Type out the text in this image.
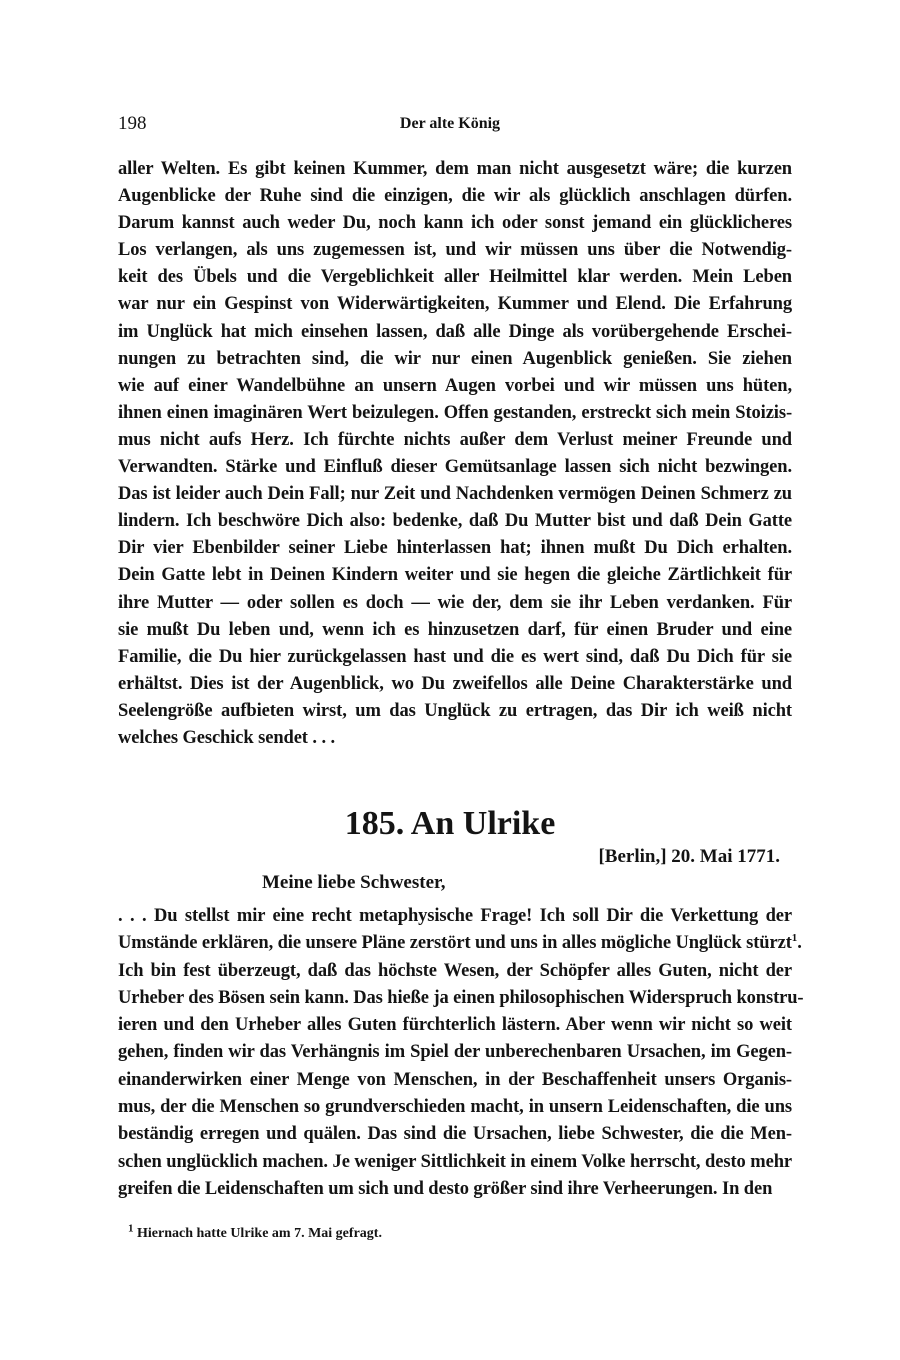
198	Der alte König
aller Welten. Es gibt keinen Kummer, dem man nicht ausgesetzt wäre; die kurzen
Augenblicke der Ruhe sind die einzigen, die wir als glücklich anschlagen dürfen.
Darum kannst auch weder Du, noch kann ich oder sonst jemand ein glücklicheres
Los verlangen, als uns zugemessen ist, und wir müssen uns über die Notwendig-
keit des Übels und die Vergeblichkeit aller Heilmittel klar werden. Mein Leben
war nur ein Gespinst von Widerwärtigkeiten, Kummer und Elend. Die Erfahrung
im Unglück hat mich einsehen lassen, daß alle Dinge als vorübergehende Erschei-
nungen zu betrachten sind, die wir nur einen Augenblick genießen. Sie ziehen
wie auf einer Wandelbühne an unsern Augen vorbei und wir müssen uns hüten,
ihnen einen imaginären Wert beizulegen. Offen gestanden, erstreckt sich mein Stoizis-
mus nicht aufs Herz. Ich fürchte nichts außer dem Verlust meiner Freunde und
Verwandten. Stärke und Einfluß dieser Gemütsanlage lassen sich nicht bezwingen.
Das ist leider auch Dein Fall; nur Zeit und Nachdenken vermögen Deinen Schmerz zu
lindern. Ich beschwöre Dich also: bedenke, daß Du Mutter bist und daß Dein Gatte
Dir vier Ebenbilder seiner Liebe hinterlassen hat; ihnen mußt Du Dich erhalten.
Dein Gatte lebt in Deinen Kindern weiter und sie hegen die gleiche Zärtlichkeit für
ihre Mutter — oder sollen es doch — wie der, dem sie ihr Leben verdanken. Für
sie mußt Du leben und, wenn ich es hinzusetzen darf, für einen Bruder und eine
Familie, die Du hier zurückgelassen hast und die es wert sind, daß Du Dich für sie
erhältst. Dies ist der Augenblick, wo Du zweifellos alle Deine Charakterstärke und
Seelengröße aufbieten wirst, um das Unglück zu ertragen, das Dir ich weiß nicht
welches Geschick sendet . . .
185. An Ulrike
[Berlin,] 20. Mai 1771.
Meine liebe Schwester,
. . . Du stellst mir eine recht metaphysische Frage! Ich soll Dir die Verkettung der
Umstände erklären, die unsere Pläne zerstört und uns in alles mögliche Unglück stürzt$^1$.
Ich bin fest überzeugt, daß das höchste Wesen, der Schöpfer alles Guten, nicht der
Urheber des Bösen sein kann. Das hieße ja einen philosophischen Widerspruch konstru-
ieren und den Urheber alles Guten fürchterlich lästern. Aber wenn wir nicht so weit
gehen, finden wir das Verhängnis im Spiel der unberechenbaren Ursachen, im Gegen-
einanderwirken einer Menge von Menschen, in der Beschaffenheit unsers Organis-
mus, der die Menschen so grundverschieden macht, in unsern Leidenschaften, die uns
beständig erregen und quälen. Das sind die Ursachen, liebe Schwester, die die Men-
schen unglücklich machen. Je weniger Sittlichkeit in einem Volke herrscht, desto mehr
greifen die Leidenschaften um sich und desto größer sind ihre Verheerungen. In den
$^1$ Hiernach hatte Ulrike am 7. Mai gefragt.
